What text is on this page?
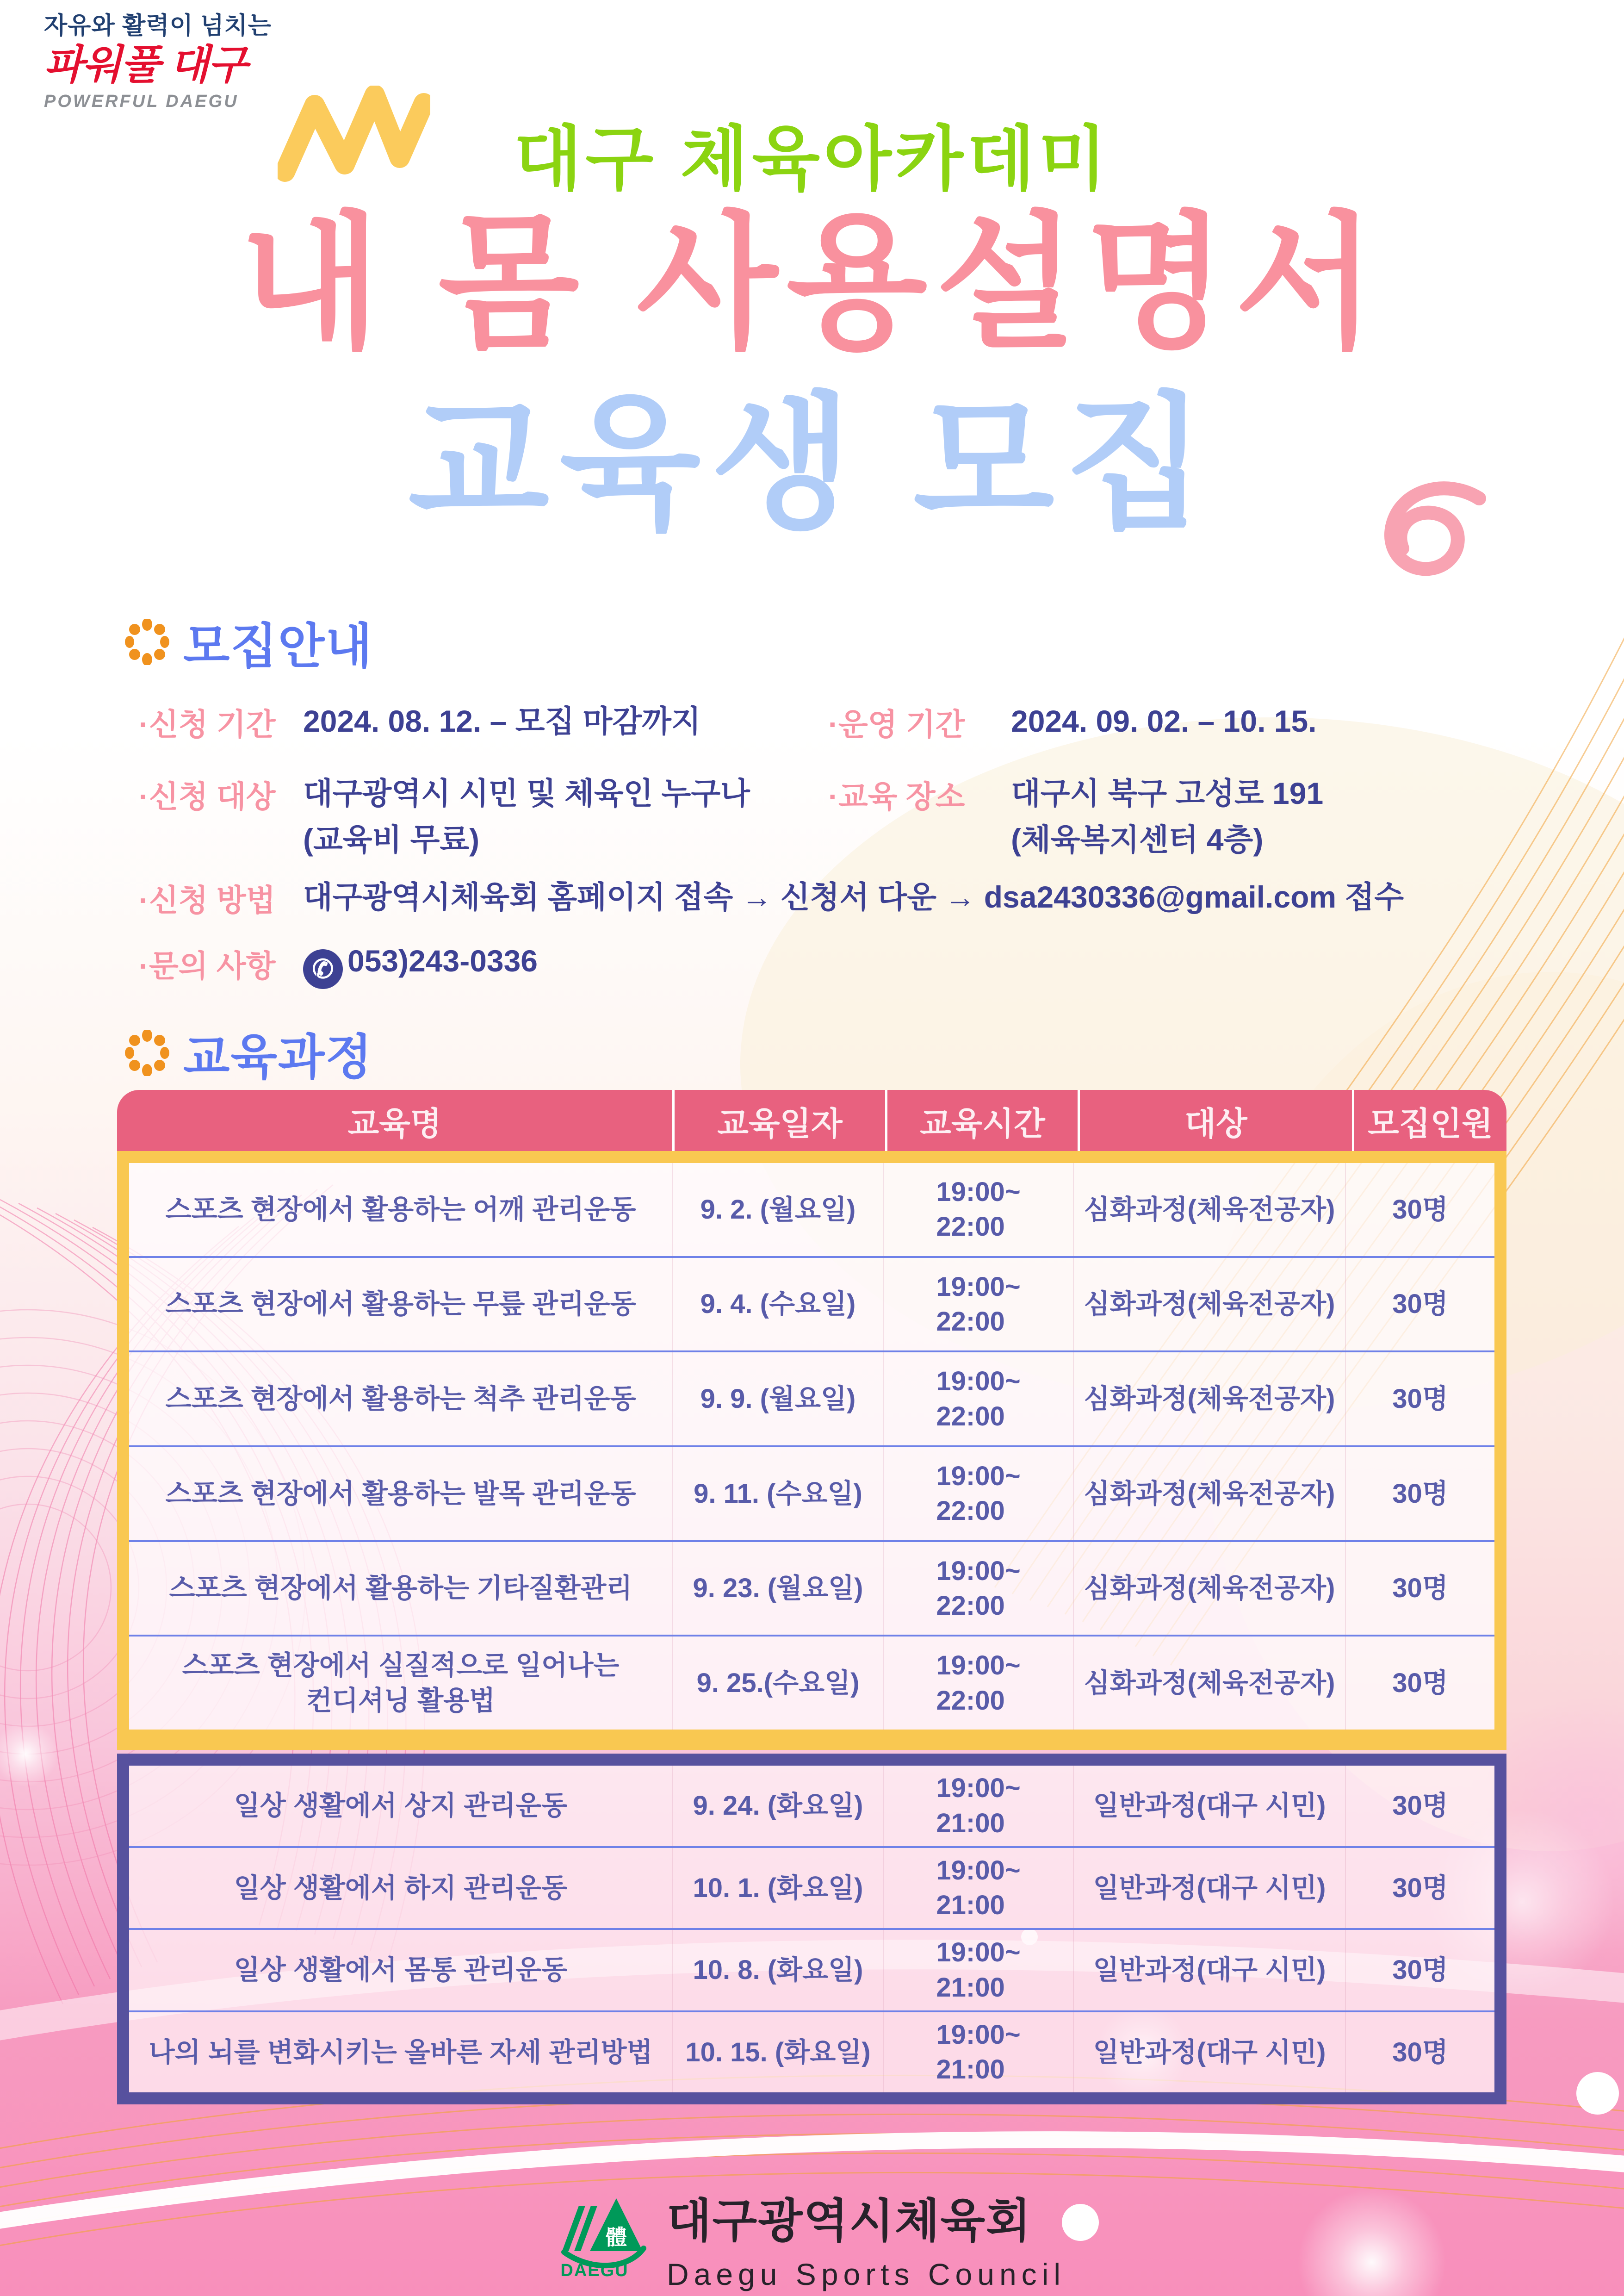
자유와 활력이 넘치는
파워풀 대구
POWERFUL DAEGU
대구 체육아카데미
내 몸 사용설명서
교육생 모집
모집안내
·신청 기간 2024. 08. 12. – 모집 마감까지	·운영 기간 2024. 09. 02. – 10. 15.
·신청 대상 대구광역시 시민 및 체육인 누구나
(교육비 무료)
·교육 장소 대구시 북구 고성로 191
(체육복지센터 4층)
·신청 방법 대구광역시체육회 홈페이지 접속 → 신청서 다운 → dsa2430336@gmail.com 접수
·문의 사항	✆ 053)243-0336
교육과정
교육명	교육일자	교육시간	대상	모집인원
스포츠 현장에서 활용하는 어깨 관리운동	9. 2. (월요일)
19:00~
22:00
심화과정(체육전공자)	30명
스포츠 현장에서 활용하는 무릎 관리운동	9. 4. (수요일)
19:00~
22:00
심화과정(체육전공자)	30명
스포츠 현장에서 활용하는 척추 관리운동	9. 9. (월요일)
19:00~
22:00
심화과정(체육전공자)	30명
스포츠 현장에서 활용하는 발목 관리운동	9. 11. (수요일)
19:00~
22:00
심화과정(체육전공자)	30명
스포츠 현장에서 활용하는 기타질환관리	9. 23. (월요일)
19:00~
22:00
심화과정(체육전공자)	30명
스포츠 현장에서 실질적으로 일어나는
컨디셔닝 활용법
9. 25.(수요일)
19:00~
22:00
심화과정(체육전공자)	30명
일상 생활에서 상지 관리운동	9. 24. (화요일)
19:00~
21:00
일반과정(대구 시민)	30명
일상 생활에서 하지 관리운동	10. 1. (화요일)
19:00~
21:00
일반과정(대구 시민)	30명
일상 생활에서 몸통 관리운동	10. 8. (화요일)
19:00~
21:00
일반과정(대구 시민)	30명
나의 뇌를 변화시키는 올바른 자세 관리방법	10. 15. (화요일)
19:00~
21:00
일반과정(대구 시민)	30명
體
DAEGU
대구광역시체육회
Daegu Sports Council
